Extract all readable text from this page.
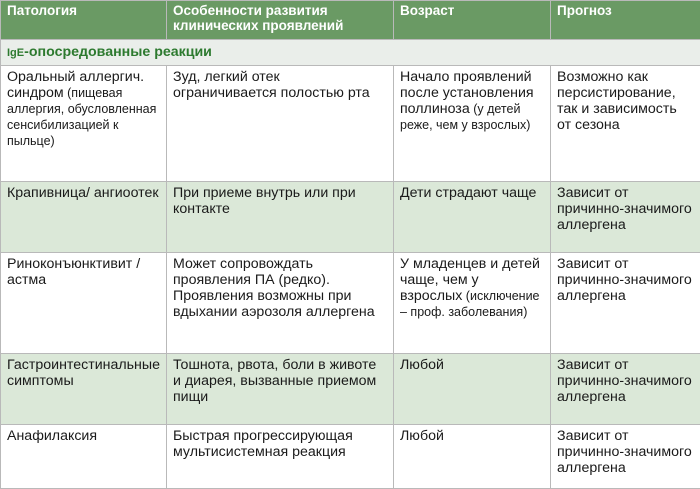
Патология	Особенности развития клинических проявлений	Возраст	Прогноз
IgE-опосредованные реакции			
Оральный аллергич. синдром (пищевая аллергия, обусловленная сенсибилизацией к пыльце)	Зуд, легкий отек ограничивается полостью рта	Начало проявлений после установления поллиноза (у детей реже, чем у взрослых)	Возможно как персистирование, так и зависимость от сезона
Крапивница/ ангиоотек	При приеме внутрь или при контакте	Дети страдают чаще	Зависит от причинно-значимого аллергена
Риноконъюнктивит / астма	Может сопровождать проявления ПА (редко). Проявления возможны при вдыхании аэрозоля аллергена	У младенцев и детей чаще, чем у взрослых (исключение – проф. заболевания)	Зависит от причинно-значимого аллергена
Гастроинтестинальные симптомы	Тошнота, рвота, боли в животе и диарея, вызванные приемом пищи	Любой	Зависит от причинно-значимого аллергена
Анафилаксия	Быстрая прогрессирующая мультисистемная реакция	Любой	Зависит от причинно-значимого аллергена
